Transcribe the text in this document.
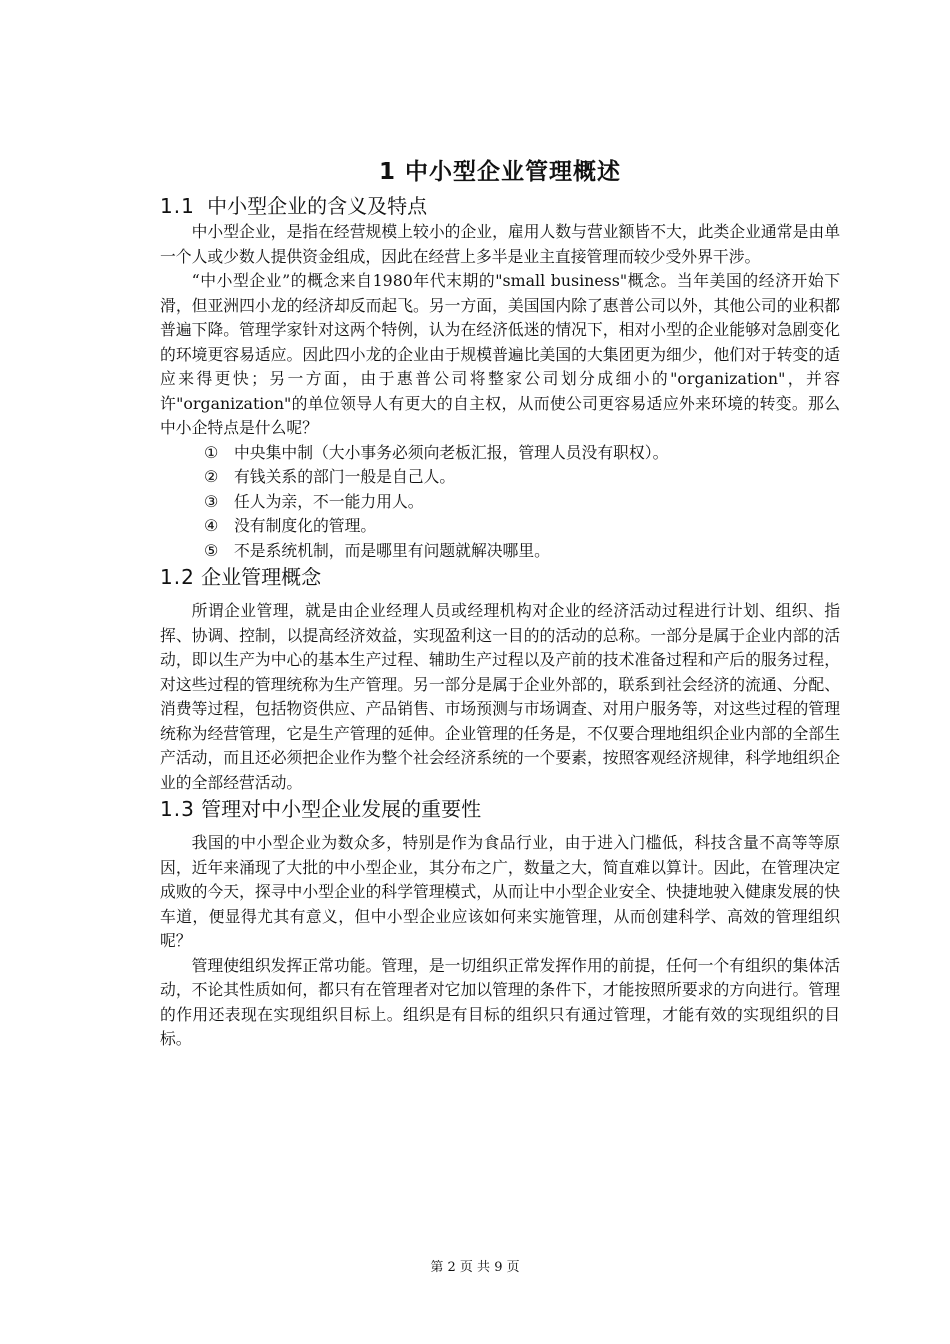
1 中小型企业管理概述
1.1 中小型企业的含义及特点

中小型企业，是指在经营规模上较小的企业，雇用人数与营业额皆不大，此类企业通常是由单一个人或少数人提供资金组成，因此在经营上多半是业主直接管理而较少受外界干涉。

“中小型企业”的概念来自1980年代末期的"small business"概念。当年美国的经济开始下滑，但亚洲四小龙的经济却反而起飞。另一方面，美国国内除了惠普公司以外，其他公司的业积都普遍下降。管理学家针对这两个特例，认为在经济低迷的情况下，相对小型的企业能够对急剧变化的环境更容易适应。因此四小龙的企业由于规模普遍比美国的大集团更为细少，他们对于转变的适应来得更快；另一方面，由于惠普公司将整家公司划分成细小的"organization"，并容许"organization"的单位领导人有更大的自主权，从而使公司更容易适应外来环境的转变。那么中小企特点是什么呢？

① 中央集中制（大小事务必须向老板汇报，管理人员没有职权）。
② 有钱关系的部门一般是自己人。
③ 任人为亲，不一能力用人。
④ 没有制度化的管理。
⑤ 不是系统机制，而是哪里有问题就解决哪里。
1.2 企业管理概念

所谓企业管理，就是由企业经理人员或经理机构对企业的经济活动过程进行计划、组织、指挥、协调、控制，以提高经济效益，实现盈利这一目的的活动的总称。一部分是属于企业内部的活动，即以生产为中心的基本生产过程、辅助生产过程以及产前的技术准备过程和产后的服务过程，对这些过程的管理统称为生产管理。另一部分是属于企业外部的，联系到社会经济的流通、分配、消费等过程，包括物资供应、产品销售、市场预测与市场调查、对用户服务等，对这些过程的管理统称为经营管理，它是生产管理的延伸。企业管理的任务是，不仅要合理地组织企业内部的全部生产活动，而且还必须把企业作为整个社会经济系统的一个要素，按照客观经济规律，科学地组织企业的全部经营活动。

1.3 管理对中小型企业发展的重要性

我国的中小型企业为数众多，特别是作为食品行业，由于进入门槛低，科技含量不高等等原因，近年来涌现了大批的中小型企业，其分布之广，数量之大，简直难以算计。因此，在管理决定成败的今天，探寻中小型企业的科学管理模式，从而让中小型企业安全、快捷地驶入健康发展的快车道，便显得尤其有意义，但中小型企业应该如何来实施管理，从而创建科学、高效的管理组织呢？

管理使组织发挥正常功能。管理，是一切组织正常发挥作用的前提，任何一个有组织的集体活动，不论其性质如何，都只有在管理者对它加以管理的条件下，才能按照所要求的方向进行。管理的作用还表现在实现组织目标上。组织是有目标的组织只有通过管理，才能有效的实现组织的目标。

第 2 页 共 9 页
